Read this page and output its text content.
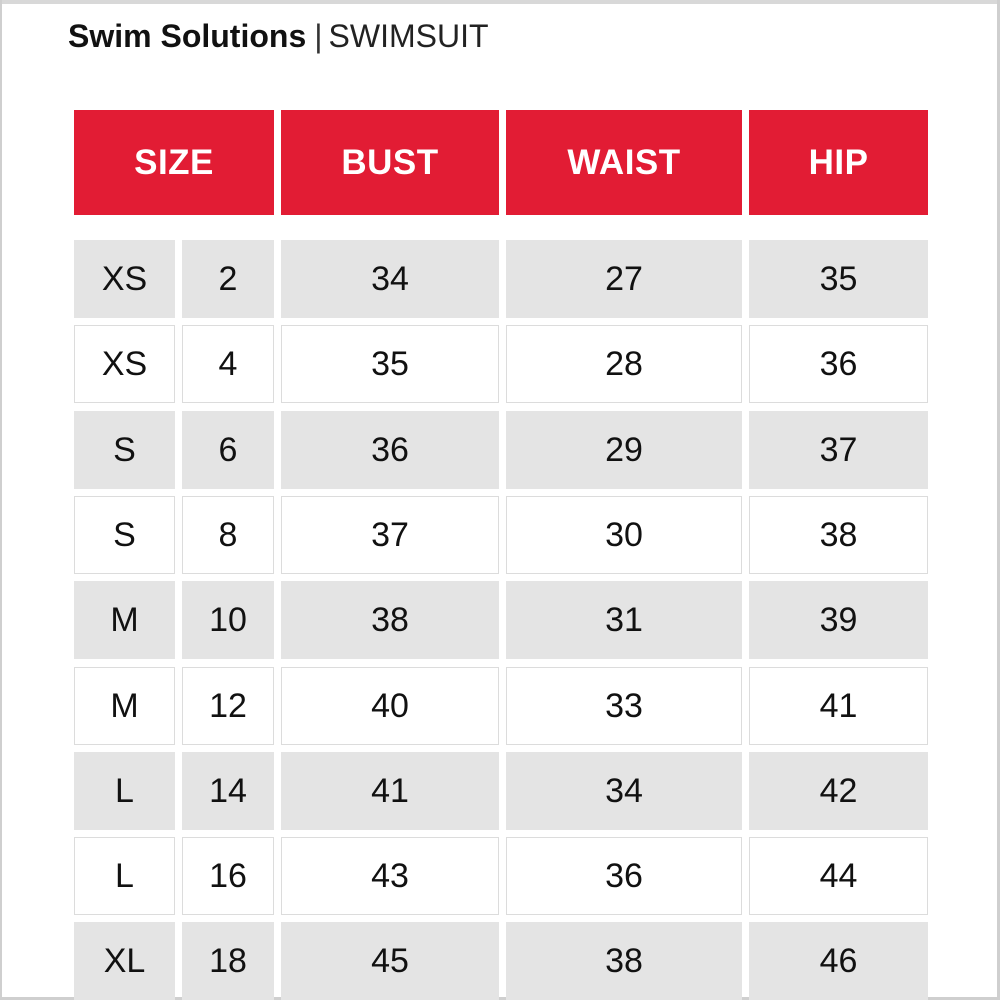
Swim Solutions | SWIMSUIT
SIZE	BUST	WAIST	HIP
XS	2	34	27	35
XS	4	35	28	36
S	6	36	29	37
S	8	37	30	38
M	10	38	31	39
M	12	40	33	41
L	14	41	34	42
L	16	43	36	44
XL	18	45	38	46
